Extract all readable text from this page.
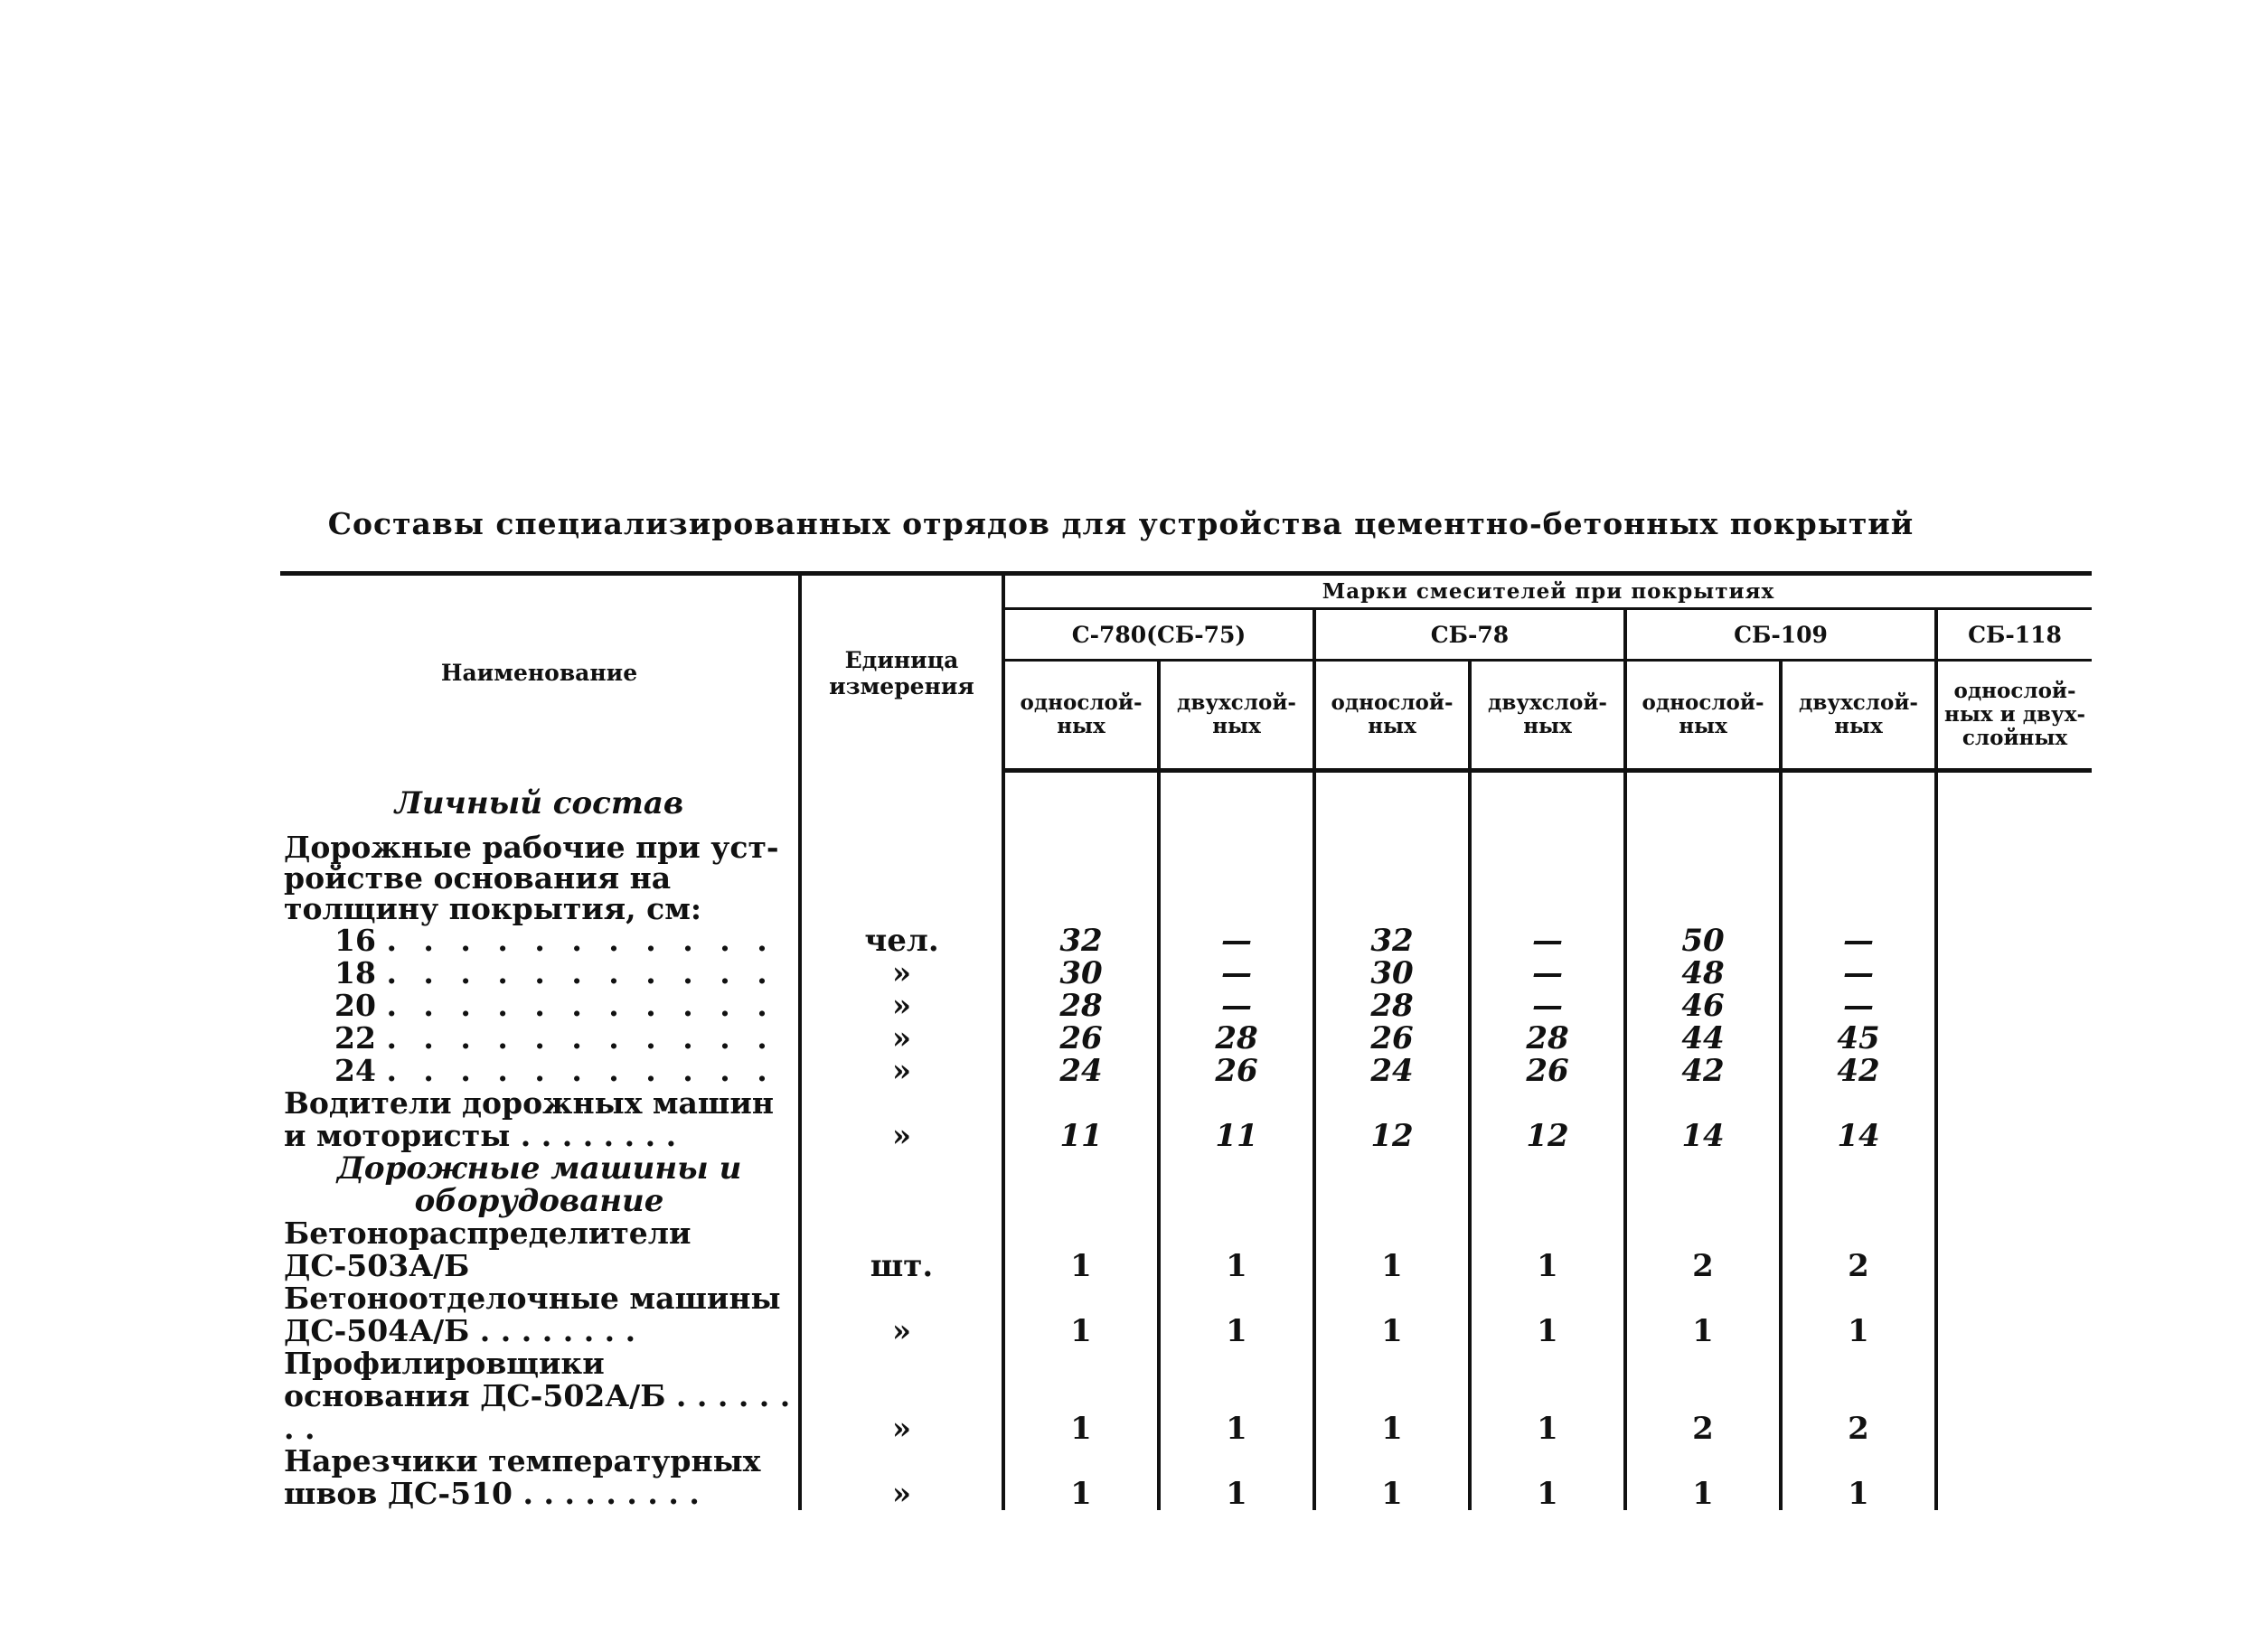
Составы специализированных отрядов для устройства цементно-бетонных покрытий
Наименование	Единица измерения	Марки смесителей при покрытиях						
		С-780(СБ-75)		СБ-78		СБ-109		СБ-118
		однослой-ных	двухслой-ных	однослой-ных	двухслой-ных	однослой-ных	двухслой-ных	однослой-ных и двух-слойных
Личный состав								
Дорожные рабочие при уст-ройстве основания на толщину покрытия, см:								
16 . . . . . . . . . . .	чел.	32	—	32	—	50	—	
18 . . . . . . . . . . .	»	30	—	30	—	48	—	
20 . . . . . . . . . . .	»	28	—	28	—	46	—	
22 . . . . . . . . . . .	»	26	28	26	28	44	45	
24 . . . . . . . . . . .	»	24	26	24	26	42	42	
Водители дорожных машин и мотористы . . . . . . . .	»	11	11	12	12	14	14	
Дорожные машины и оборудование								
Бетонораспределители ДС-503А/Б	шт.	1	1	1	1	2	2	
Бетоноотделочные машины ДС-504А/Б . . . . . . . .	»	1	1	1	1	1	1	
Профилировщики основания ДС-502А/Б . . . . . . . .	»	1	1	1	1	2	2	
Нарезчики температурных швов ДС-510 . . . . . . . . .	»	1	1	1	1	1	1	
